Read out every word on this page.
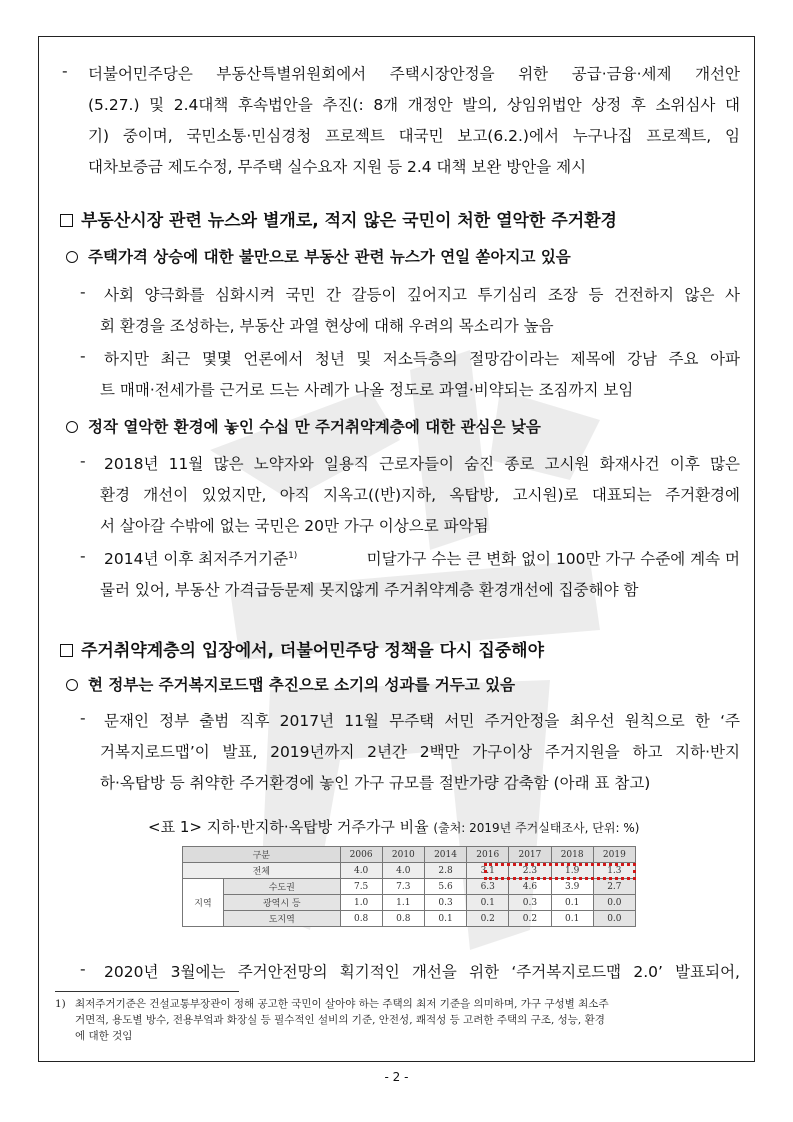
- 더불어민주당은 부동산특별위원회에서 주택시장안정을 위한 공급·금융·세제 개선안
(5.27.) 및 2.4대책 후속법안을 추진(: 8개 개정안 발의, 상임위법안 상정 후 소위심사 대
기) 중이며, 국민소통·민심경청 프로젝트 대국민 보고(6.2.)에서 누구나집 프로젝트, 임
대차보증금 제도수정, 무주택 실수요자 지원 등 2.4 대책 보완 방안을 제시
부동산시장 관련 뉴스와 별개로, 적지 않은 국민이 처한 열악한 주거환경
주택가격 상승에 대한 불만으로 부동산 관련 뉴스가 연일 쏟아지고 있음
- 사회 양극화를 심화시켜 국민 간 갈등이 깊어지고 투기심리 조장 등 건전하지 않은 사
회 환경을 조성하는, 부동산 과열 현상에 대해 우려의 목소리가 높음
- 하지만 최근 몇몇 언론에서 청년 및 저소득층의 절망감이라는 제목에 강남 주요 아파
트 매매·전세가를 근거로 드는 사례가 나올 정도로 과열·비약되는 조짐까지 보임
정작 열악한 환경에 놓인 수십 만 주거취약계층에 대한 관심은 낮음
- 2018년 11월 많은 노약자와 일용직 근로자들이 숨진 종로 고시원 화재사건 이후 많은
환경 개선이 있었지만, 아직 지옥고((반)지하, 옥탑방, 고시원)로 대표되는 주거환경에
서 살아갈 수밖에 없는 국민은 20만 가구 이상으로 파악됨
- 2014년 이후 최저주거기준$^{1)}$	미달가구 수는 큰 변화 없이 100만 가구 수준에 계속 머
물러 있어, 부동산 가격급등문제 못지않게 주거취약계층 환경개선에 집중해야 함
주거취약계층의 입장에서, 더불어민주당 정책을 다시 집중해야
현 정부는 주거복지로드맵 추진으로 소기의 성과를 거두고 있음
- 문재인 정부 출범 직후 2017년 11월 무주택 서민 주거안정을 최우선 원칙으로 한 ‘주
거복지로드맵’이 발표, 2019년까지 2년간 2백만 가구이상 주거지원을 하고 지하·반지
하·옥탑방 등 취약한 주거환경에 놓인 가구 규모를 절반가량 감축함 (아래 표 참고)
<표 1> 지하·반지하·옥탑방 거주가구 비율 (출처: 2019년 주거실태조사, 단위: %)
구분		2006	2010	2014	2016	2017	2018	2019
전체		4.0	4.0	2.8	3.1	2.3	1.9	1.3
지역	수도권	7.5	7.3	5.6	6.3	4.6	3.9	2.7
	광역시 등	1.0	1.1	0.3	0.1	0.3	0.1	0.0
	도지역	0.8	0.8	0.1	0.2	0.2	0.1	0.0
- 2020년 3월에는 주거안전망의 획기적인 개선을 위한 ‘주거복지로드맵 2.0’ 발표되어,
1) 최저주거기준은 건설교통부장관이 정해 공고한 국민이 살아야 하는 주택의 최저 기준을 의미하며, 가구 구성별 최소주
거면적, 용도별 방수, 전용부엌과 화장실 등 필수적인 설비의 기준, 안전성, 쾌적성 등 고려한 주택의 구조, 성능, 환경
에 대한 것임
- 2 -
